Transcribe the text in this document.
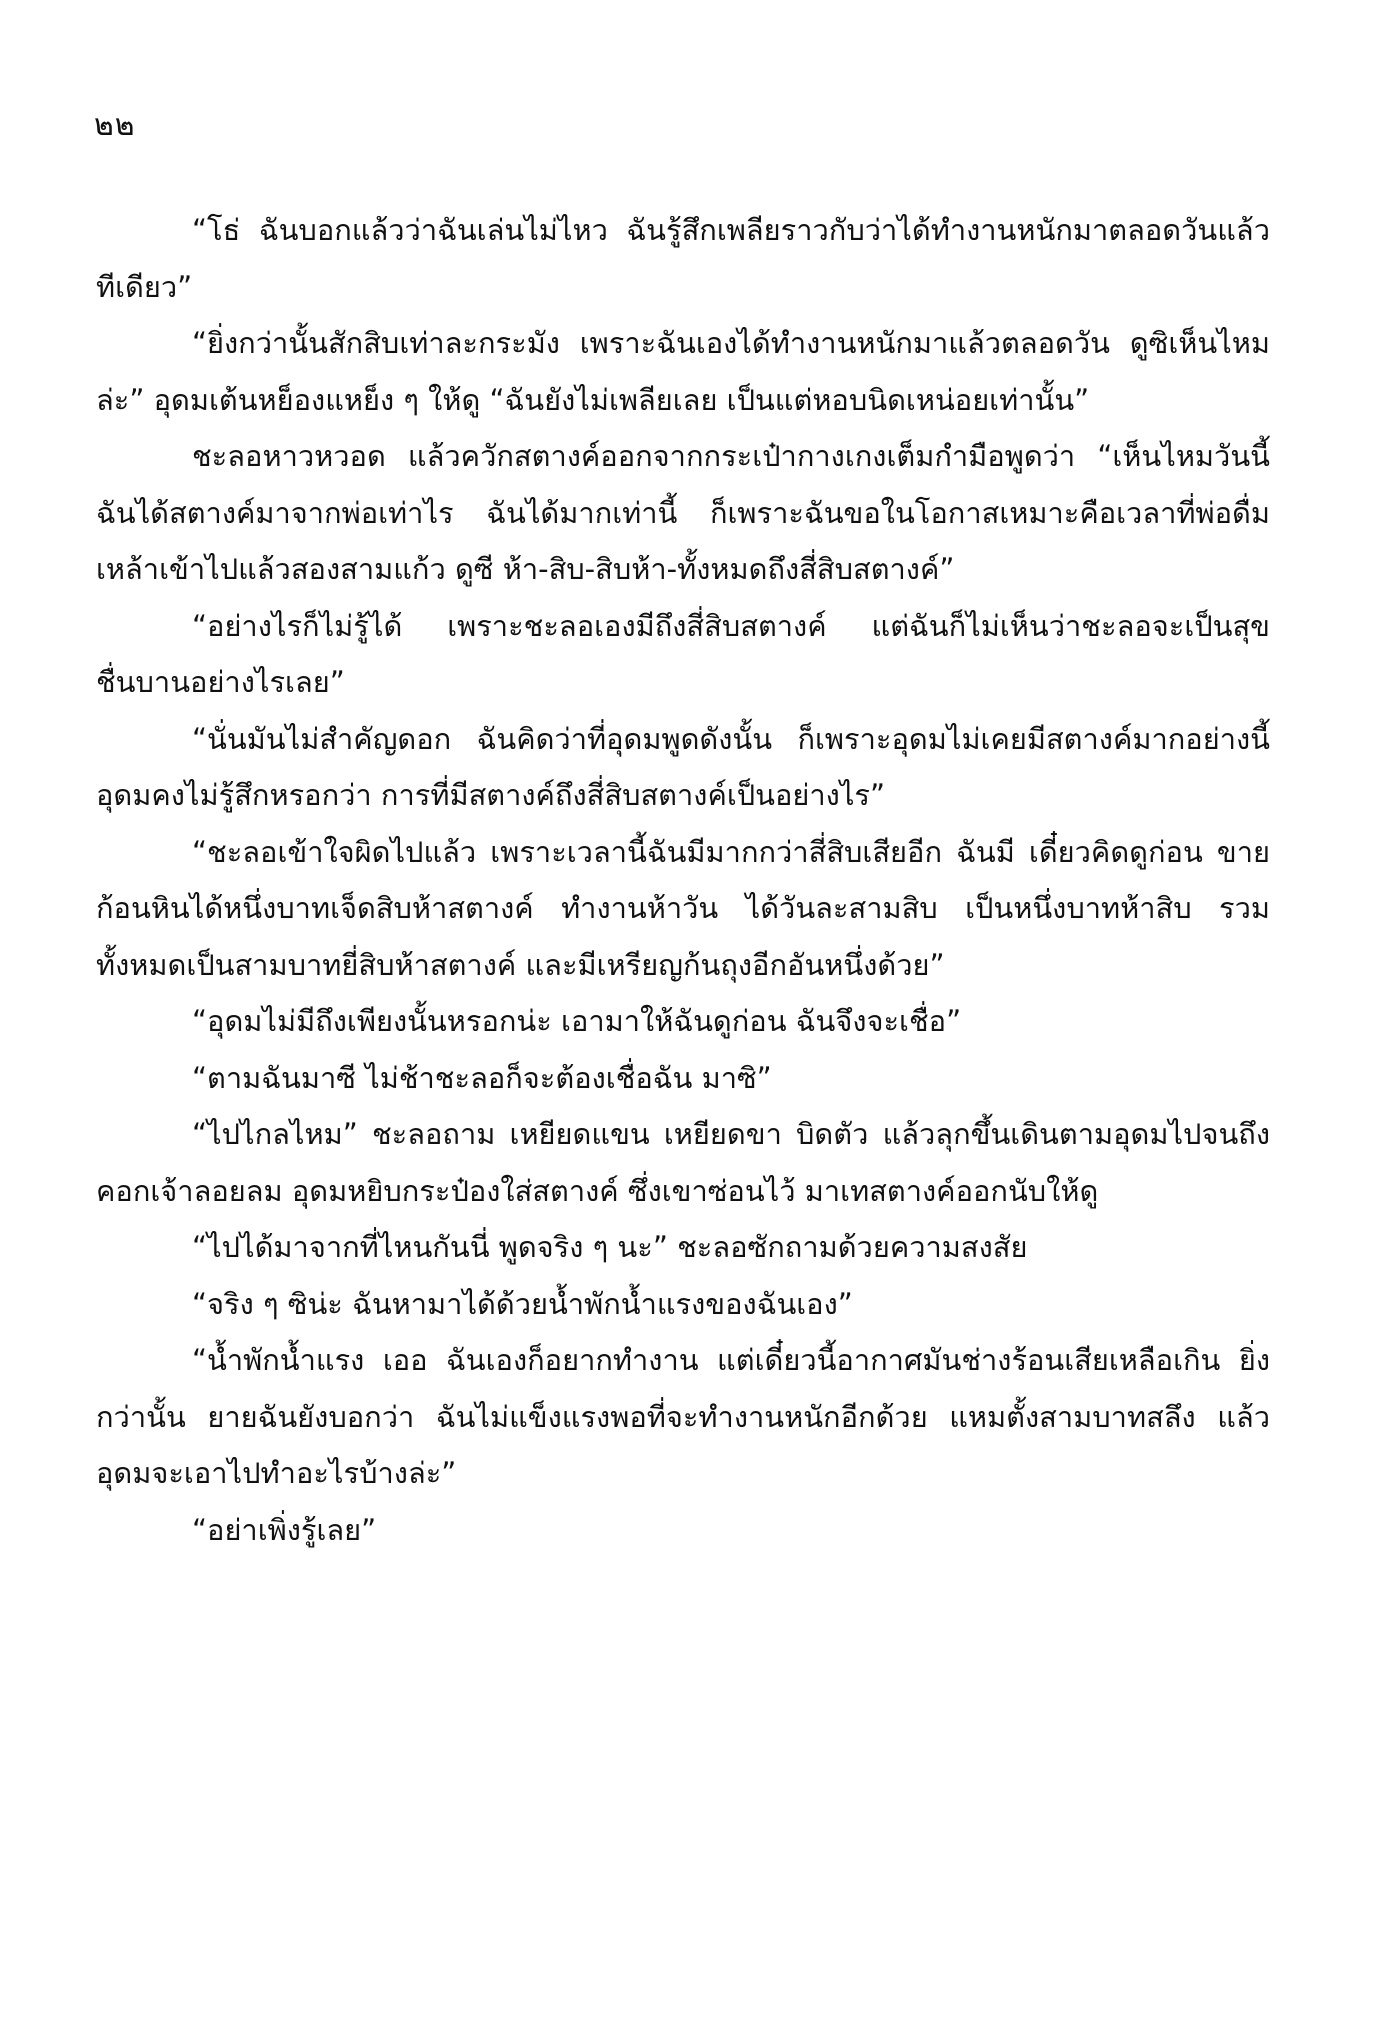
๒๒

“โธ่ ฉันบอกแล้วว่าฉันเล่นไม่ไหว ฉันรู้สึกเพลียราวกับว่าได้ทำงานหนักมาตลอดวันแล้วทีเดียว”

“ยิ่งกว่านั้นสักสิบเท่าละกระมัง เพราะฉันเองได้ทำงานหนักมาแล้วตลอดวัน ดูซิเห็นไหมล่ะ” อุดมเต้นหย็องแหย็ง ๆ ให้ดู “ฉันยังไม่เพลียเลย เป็นแต่หอบนิดเหน่อยเท่านั้น”

ชะลอหาวหวอด แล้วควักสตางค์ออกจากกระเป๋ากางเกงเต็มกำมือพูดว่า “เห็นไหมวันนี้ฉันได้สตางค์มาจากพ่อเท่าไร ฉันได้มากเท่านี้ ก็เพราะฉันขอในโอกาสเหมาะคือเวลาที่พ่อดื่มเหล้าเข้าไปแล้วสองสามแก้ว ดูซี ห้า-สิบ-สิบห้า-ทั้งหมดถึงสี่สิบสตางค์”

“อย่างไรก็ไม่รู้ได้ เพราะชะลอเองมีถึงสี่สิบสตางค์ แต่ฉันก็ไม่เห็นว่าชะลอจะเป็นสุขชื่นบานอย่างไรเลย”

“นั่นมันไม่สำคัญดอก ฉันคิดว่าที่อุดมพูดดังนั้น ก็เพราะอุดมไม่เคยมีสตางค์มากอย่างนี้ อุดมคงไม่รู้สึกหรอกว่า การที่มีสตางค์ถึงสี่สิบสตางค์เป็นอย่างไร”

“ชะลอเข้าใจผิดไปแล้ว เพราะเวลานี้ฉันมีมากกว่าสี่สิบเสียอีก ฉันมี เดี๋ยวคิดดูก่อน ขายก้อนหินได้หนึ่งบาทเจ็ดสิบห้าสตางค์ ทำงานห้าวัน ได้วันละสามสิบ เป็นหนึ่งบาทห้าสิบ รวมทั้งหมดเป็นสามบาทยี่สิบห้าสตางค์ และมีเหรียญก้นถุงอีกอันหนึ่งด้วย”

“อุดมไม่มีถึงเพียงนั้นหรอกน่ะ เอามาให้ฉันดูก่อน ฉันจึงจะเชื่อ”

“ตามฉันมาซี ไม่ช้าชะลอก็จะต้องเชื่อฉัน มาซิ”

“ไปไกลไหม” ชะลอถาม เหยียดแขน เหยียดขา บิดตัว แล้วลุกขึ้นเดินตามอุดมไปจนถึงคอกเจ้าลอยลม อุดมหยิบกระป๋องใส่สตางค์ ซึ่งเขาซ่อนไว้ มาเทสตางค์ออกนับให้ดู

“ไปได้มาจากที่ไหนกันนี่ พูดจริง ๆ นะ” ชะลอซักถามด้วยความสงสัย

“จริง ๆ ซิน่ะ ฉันหามาได้ด้วยน้ำพักน้ำแรงของฉันเอง”

“น้ำพักน้ำแรง เออ ฉันเองก็อยากทำงาน แต่เดี๋ยวนี้อากาศมันช่างร้อนเสียเหลือเกิน ยิ่งกว่านั้น ยายฉันยังบอกว่า ฉันไม่แข็งแรงพอที่จะทำงานหนักอีกด้วย แหมตั้งสามบาทสลึง แล้วอุดมจะเอาไปทำอะไรบ้างล่ะ”

“อย่าเพิ่งรู้เลย”
